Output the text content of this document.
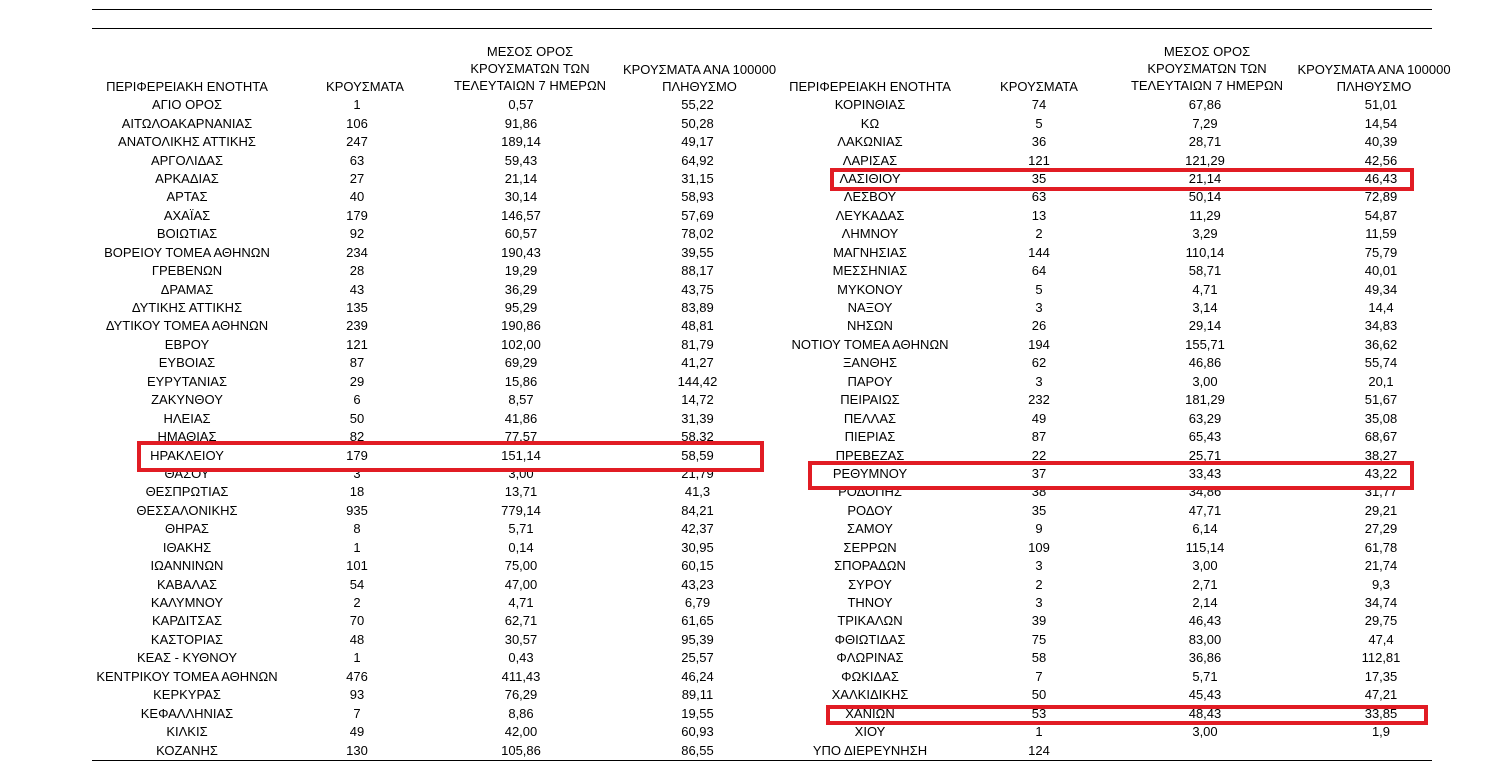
ΠΕΡΙΦΕΡΕΙΑΚΗ ΕΝΟΤΗΤΑ	ΚΡΟΥΣΜΑΤΑ
ΜΕΣΟΣ ΟΡΟΣ
ΚΡΟΥΣΜΑΤΩΝ ΤΩΝ
ΤΕΛΕΥΤΑΙΩΝ 7 ΗΜΕΡΩΝ
ΚΡΟΥΣΜΑΤΑ ΑΝΑ 100000
ΠΛΗΘΥΣΜΟ	ΠΕΡΙΦΕΡΕΙΑΚΗ ΕΝΟΤΗΤΑ	ΚΡΟΥΣΜΑΤΑ
ΜΕΣΟΣ ΟΡΟΣ
ΚΡΟΥΣΜΑΤΩΝ ΤΩΝ
ΤΕΛΕΥΤΑΙΩΝ 7 ΗΜΕΡΩΝ
ΚΡΟΥΣΜΑΤΑ ΑΝΑ 100000
ΠΛΗΘΥΣΜΟ
ΑΓΙΟ ΟΡΟΣ	1	0,57	55,22
ΑΙΤΩΛΟΑΚΑΡΝΑΝΙΑΣ	106	91,86	50,28
ΑΝΑΤΟΛΙΚΗΣ ΑΤΤΙΚΗΣ	247	189,14	49,17
ΑΡΓΟΛΙΔΑΣ	63	59,43	64,92
ΑΡΚΑΔΙΑΣ	27	21,14	31,15
ΑΡΤΑΣ	40	30,14	58,93
ΑΧΑΪΑΣ	179	146,57	57,69
ΒΟΙΩΤΙΑΣ	92	60,57	78,02
ΒΟΡΕΙΟΥ ΤΟΜΕΑ ΑΘΗΝΩΝ	234	190,43	39,55
ΓΡΕΒΕΝΩΝ	28	19,29	88,17
ΔΡΑΜΑΣ	43	36,29	43,75
ΔΥΤΙΚΗΣ ΑΤΤΙΚΗΣ	135	95,29	83,89
ΔΥΤΙΚΟΥ ΤΟΜΕΑ ΑΘΗΝΩΝ	239	190,86	48,81
ΕΒΡΟΥ	121	102,00	81,79
ΕΥΒΟΙΑΣ	87	69,29	41,27
ΕΥΡΥΤΑΝΙΑΣ	29	15,86	144,42
ΖΑΚΥΝΘΟΥ	6	8,57	14,72
ΗΛΕΙΑΣ	50	41,86	31,39
ΗΜΑΘΙΑΣ	82	77,57	58,32
ΗΡΑΚΛΕΙΟΥ	179	151,14	58,59
ΘΑΣΟΥ	3	3,00	21,79
ΘΕΣΠΡΩΤΙΑΣ	18	13,71	41,3
ΘΕΣΣΑΛΟΝΙΚΗΣ	935	779,14	84,21
ΘΗΡΑΣ	8	5,71	42,37
ΙΘΑΚΗΣ	1	0,14	30,95
ΙΩΑΝΝΙΝΩΝ	101	75,00	60,15
ΚΑΒΑΛΑΣ	54	47,00	43,23
ΚΑΛΥΜΝΟΥ	2	4,71	6,79
ΚΑΡΔΙΤΣΑΣ	70	62,71	61,65
ΚΑΣΤΟΡΙΑΣ	48	30,57	95,39
ΚΕΑΣ - ΚΥΘΝΟΥ	1	0,43	25,57
ΚΕΝΤΡΙΚΟΥ ΤΟΜΕΑ ΑΘΗΝΩΝ	476	411,43	46,24
ΚΕΡΚΥΡΑΣ	93	76,29	89,11
ΚΕΦΑΛΛΗΝΙΑΣ	7	8,86	19,55
ΚΙΛΚΙΣ	49	42,00	60,93
ΚΟΖΑΝΗΣ	130	105,86	86,55
ΚΟΡΙΝΘΙΑΣ	74	67,86	51,01
ΚΩ	5	7,29	14,54
ΛΑΚΩΝΙΑΣ	36	28,71	40,39
ΛΑΡΙΣΑΣ	121	121,29	42,56
ΛΑΣΙΘΙΟΥ	35	21,14	46,43
ΛΕΣΒΟΥ	63	50,14	72,89
ΛΕΥΚΑΔΑΣ	13	11,29	54,87
ΛΗΜΝΟΥ	2	3,29	11,59
ΜΑΓΝΗΣΙΑΣ	144	110,14	75,79
ΜΕΣΣΗΝΙΑΣ	64	58,71	40,01
ΜΥΚΟΝΟΥ	5	4,71	49,34
ΝΑΞΟΥ	3	3,14	14,4
ΝΗΣΩΝ	26	29,14	34,83
ΝΟΤΙΟΥ ΤΟΜΕΑ ΑΘΗΝΩΝ	194	155,71	36,62
ΞΑΝΘΗΣ	62	46,86	55,74
ΠΑΡΟΥ	3	3,00	20,1
ΠΕΙΡΑΙΩΣ	232	181,29	51,67
ΠΕΛΛΑΣ	49	63,29	35,08
ΠΙΕΡΙΑΣ	87	65,43	68,67
ΠΡΕΒΕΖΑΣ	22	25,71	38,27
ΡΕΘΥΜΝΟΥ	37	33,43	43,22
ΡΟΔΟΠΗΣ	38	34,86	31,77
ΡΟΔΟΥ	35	47,71	29,21
ΣΑΜΟΥ	9	6,14	27,29
ΣΕΡΡΩΝ	109	115,14	61,78
ΣΠΟΡΑΔΩΝ	3	3,00	21,74
ΣΥΡΟΥ	2	2,71	9,3
ΤΗΝΟΥ	3	2,14	34,74
ΤΡΙΚΑΛΩΝ	39	46,43	29,75
ΦΘΙΩΤΙΔΑΣ	75	83,00	47,4
ΦΛΩΡΙΝΑΣ	58	36,86	112,81
ΦΩΚΙΔΑΣ	7	5,71	17,35
ΧΑΛΚΙΔΙΚΗΣ	50	45,43	47,21
ΧΑΝΙΩΝ	53	48,43	33,85
ΧΙΟΥ	1	3,00	1,9
ΥΠΟ ΔΙΕΡΕΥΝΗΣΗ	124		
